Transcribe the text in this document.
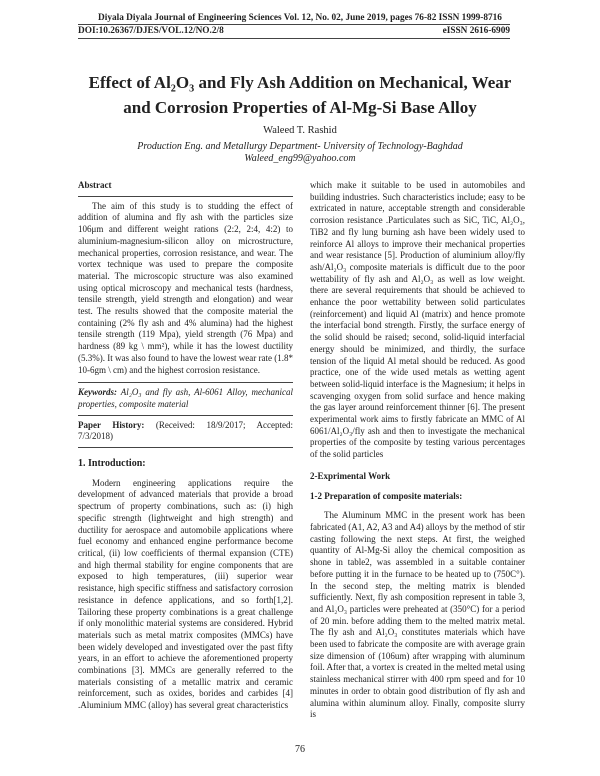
Diyala Diyala Journal of Engineering Sciences Vol. 12, No. 02, June 2019, pages 76-82 ISSN 1999-8716
DOI:10.26367/DJES/VOL.12/NO.2/8	eISSN 2616-6909
Effect of Al₂O₃ and Fly Ash Addition on Mechanical, Wear
and Corrosion Properties of Al-Mg-Si Base Alloy
Waleed T. Rashid
Production Eng. and Metallurgy Department- University of Technology-Baghdad
Waleed_eng99@yahoo.com

Abstract

The aim of this study is to studding the effect of addition of alumina and fly ash with the particles size 106μm and different weight rations (2:2, 2:4, 4:2) to aluminium-magnesium-silicon alloy on microstructure, mechanical properties, corrosion resistance, and wear. The vortex technique was used to prepare the composite material. The microscopic structure was also examined using optical microscopy and mechanical tests (hardness, tensile strength, yield strength and elongation) and wear test. The results showed that the composite material the containing (2% fly ash and 4% alumina) had the highest tensile strength (119 Mpa), yield strength (76 Mpa) and hardness (89 kg \ mm²), while it has the lowest ductility (5.3%). It was also found to have the lowest wear rate (1.8* 10-6gm \ cm) and the highest corrosion resistance.

Keywords: Al₂O₃ and fly ash, Al-6061 Alloy, mechanical properties, composite material

Paper History: (Received: 18/9/2017; Accepted: 7/3/2018)

1. Introduction:

Modern engineering applications require the development of advanced materials that provide a broad spectrum of property combinations, such as: (i) high specific strength (lightweight and high strength) and ductility for aerospace and automobile applications where fuel economy and enhanced engine performance become critical, (ii) low coefficients of thermal expansion (CTE) and high thermal stability for engine components that are exposed to high temperatures, (iii) superior wear resistance, high specific stiffness and satisfactory corrosion resistance in defence applications, and so forth[1,2]. Tailoring these property combinations is a great challenge if only monolithic material systems are considered. Hybrid materials such as metal matrix composites (MMCs) have been widely developed and investigated over the past fifty years, in an effort to achieve the aforementioned property combinations [3]. MMCs are generally referred to the materials consisting of a metallic matrix and ceramic reinforcement, such as oxides, borides and carbides [4] .Aluminium MMC (alloy) has several great characteristics

which make it suitable to be used in automobiles and building industries. Such characteristics include; easy to be extricated in nature, acceptable strength and considerable corrosion resistance .Particulates such as SiC, TiC, Al₂O₃, TiB2 and fly lung burning ash have been widely used to reinforce Al alloys to improve their mechanical properties and wear resistance [5]. Production of aluminium alloy/fly ash/Al₂O₃ composite materials is difficult due to the poor wettability of fly ash and Al₂O₃ as well as low weight. there are several requirements that should be achieved to enhance the poor wettability between solid particulates (reinforcement) and liquid Al (matrix) and hence promote the interfacial bond strength. Firstly, the surface energy of the solid should be raised; second, solid-liquid interfacial energy should be minimized, and thirdly, the surface tension of the liquid Al metal should be reduced. As good practice, one of the wide used metals as wetting agent between solid-liquid interface is the Magnesium; it helps in scavenging oxygen from solid surface and hence making the gas layer around reinforcement thinner [6]. The present experimental work aims to firstly fabricate an MMC of Al 6061/Al₂O₃/fly ash and then to investigate the mechanical properties of the composite by testing various percentages of the solid particles

2-Exprimental Work

1-2 Preparation of composite materials:

The Aluminum MMC in the present work has been fabricated (A1, A2, A3 and A4) alloys by the method of stir casting following the next steps. At first, the weighed quantity of Al-Mg-Si alloy the chemical composition as shone in table2, was assembled in a suitable container before putting it in the furnace to be heated up to (750C°). In the second step, the melting matrix is blended sufficiently. Next, fly ash composition represent in table 3, and Al₂O₃ particles were preheated at (350°C) for a period of 20 min. before adding them to the melted matrix metal. The fly ash and Al₂O₃ constitutes materials which have been used to fabricate the composite are with average grain size dimension of (106um) after wrapping with aluminum foil. After that, a vortex is created in the melted metal using stainless mechanical stirrer with 400 rpm speed and for 10 minutes in order to obtain good distribution of fly ash and alumina within aluminum alloy. Finally, composite slurry is

76
